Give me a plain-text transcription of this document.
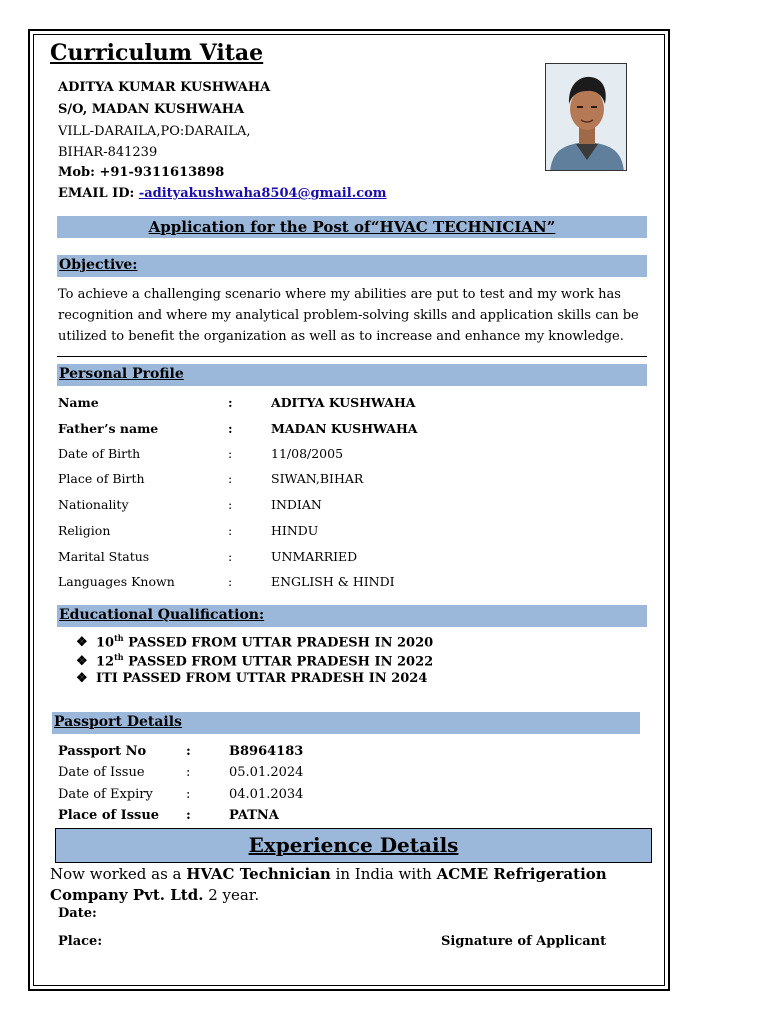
Curriculum Vitae
ADITYA KUMAR KUSHWAHA
S/O, MADAN KUSHWAHA
VILL-DARAILA,PO:DARAILA,
BIHAR-841239
Mob: +91-9311613898
EMAIL ID: -adityakushwaha8504@gmail.com
Application for the Post of“HVAC TECHNICIAN”
Objective:
To achieve a challenging scenario where my abilities are put to test and my work has recognition and where my analytical problem-solving skills and application skills can be utilized to benefit the organization as well as to increase and enhance my knowledge.
Personal Profile
Name	:	ADITYA KUSHWAHA
Father’s name	:	MADAN KUSHWAHA
Date of Birth	:	11/08/2005
Place of Birth	:	SIWAN,BIHAR
Nationality	:	INDIAN
Religion	:	HINDU
Marital Status	:	UNMARRIED
Languages Known	:	ENGLISH & HINDI
Educational Qualification:
❖ 10th PASSED FROM UTTAR PRADESH IN 2020
❖ 12th PASSED FROM UTTAR PRADESH IN 2022
❖ ITI PASSED FROM UTTAR PRADESH IN 2024
Passport Details
Passport No	:	B8964183
Date of Issue	:	05.01.2024
Date of Expiry	:	04.01.2034
Place of Issue :	PATNA
Experience Details
Now worked as a HVAC Technician in India with ACME Refrigeration Company Pvt. Ltd. 2 year.
Date:
Place:	Signature of Applicant
